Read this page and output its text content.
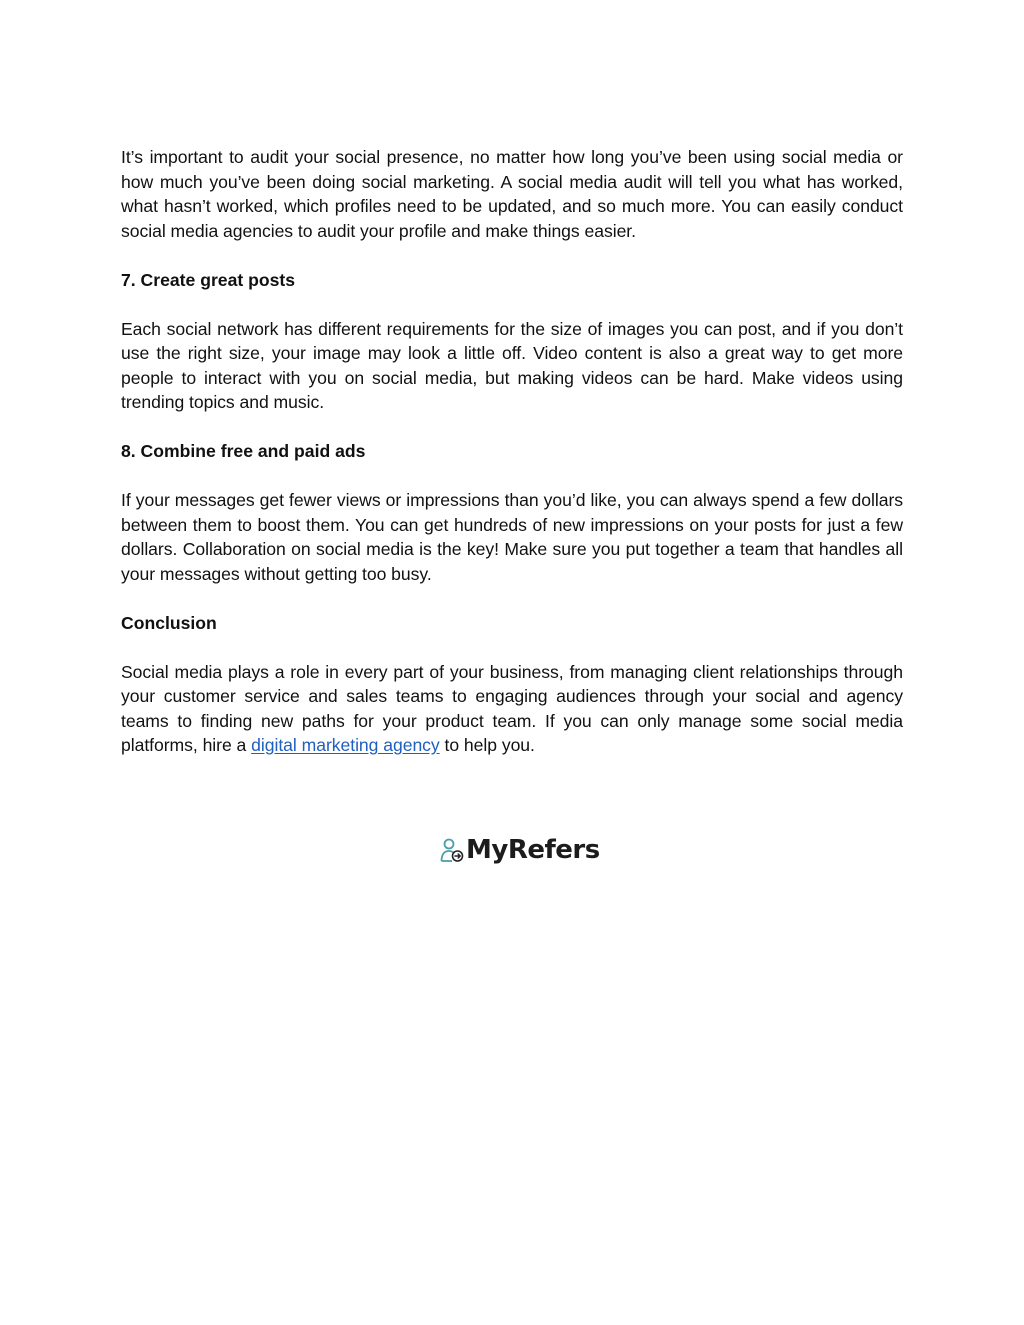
It’s important to audit your social presence, no matter how long you’ve been using social media or how much you’ve been doing social marketing. A social media audit will tell you what has worked, what hasn’t worked, which profiles need to be updated, and so much more. You can easily conduct social media agencies to audit your profile and make things easier.

7. Create great posts

Each social network has different requirements for the size of images you can post, and if you don’t use the right size, your image may look a little off. Video content is also a great way to get more people to interact with you on social media, but making videos can be hard. Make videos using trending topics and music.

8. Combine free and paid ads

If your messages get fewer views or impressions than you’d like, you can always spend a few dollars between them to boost them. You can get hundreds of new impressions on your posts for just a few dollars. Collaboration on social media is the key! Make sure you put together a team that handles all your messages without getting too busy.

Conclusion

Social media plays a role in every part of your business, from managing client relationships through your customer service and sales teams to engaging audiences through your social and agency teams to finding new paths for your product team. If you can only manage some social media platforms, hire a digital marketing agency to help you.

MyRefers
